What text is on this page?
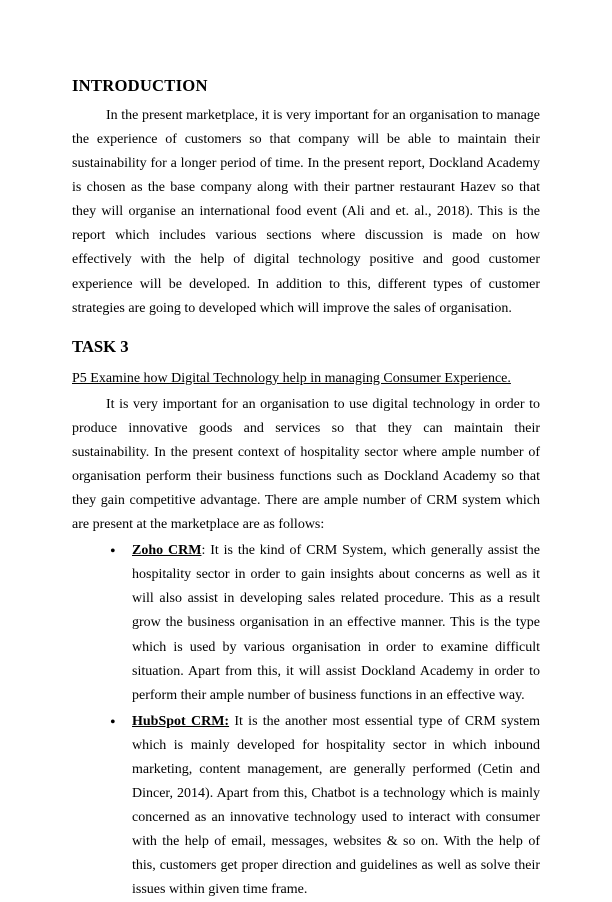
INTRODUCTION

In the present marketplace, it is very important for an organisation to manage the experience of customers so that company will be able to maintain their sustainability for a longer period of time. In the present report, Dockland Academy is chosen as the base company along with their partner restaurant Hazev so that they will organise an international food event (Ali and et. al., 2018). This is the report which includes various sections where discussion is made on how effectively with the help of digital technology positive and good customer experience will be developed. In addition to this, different types of customer strategies are going to developed which will improve the sales of organisation.

TASK 3

P5 Examine how Digital Technology help in managing Consumer Experience.

It is very important for an organisation to use digital technology in order to produce innovative goods and services so that they can maintain their sustainability. In the present context of hospitality sector where ample number of organisation perform their business functions such as Dockland Academy so that they gain competitive advantage. There are ample number of CRM system which are present at the marketplace are as follows:

• Zoho CRM: It is the kind of CRM System, which generally assist the hospitality sector in order to gain insights about concerns as well as it will also assist in developing sales related procedure. This as a result grow the business organisation in an effective manner. This is the type which is used by various organisation in order to examine difficult situation. Apart from this, it will assist Dockland Academy in order to perform their ample number of business functions in an effective way.
• HubSpot CRM: It is the another most essential type of CRM system which is mainly developed for hospitality sector in which inbound marketing, content management, are generally performed (Cetin and Dincer, 2014). Apart from this, Chatbot is a technology which is mainly concerned as an innovative technology used to interact with consumer with the help of email, messages, websites & so on. With the help of this, customers get proper direction and guidelines as well as solve their issues within given time frame.
